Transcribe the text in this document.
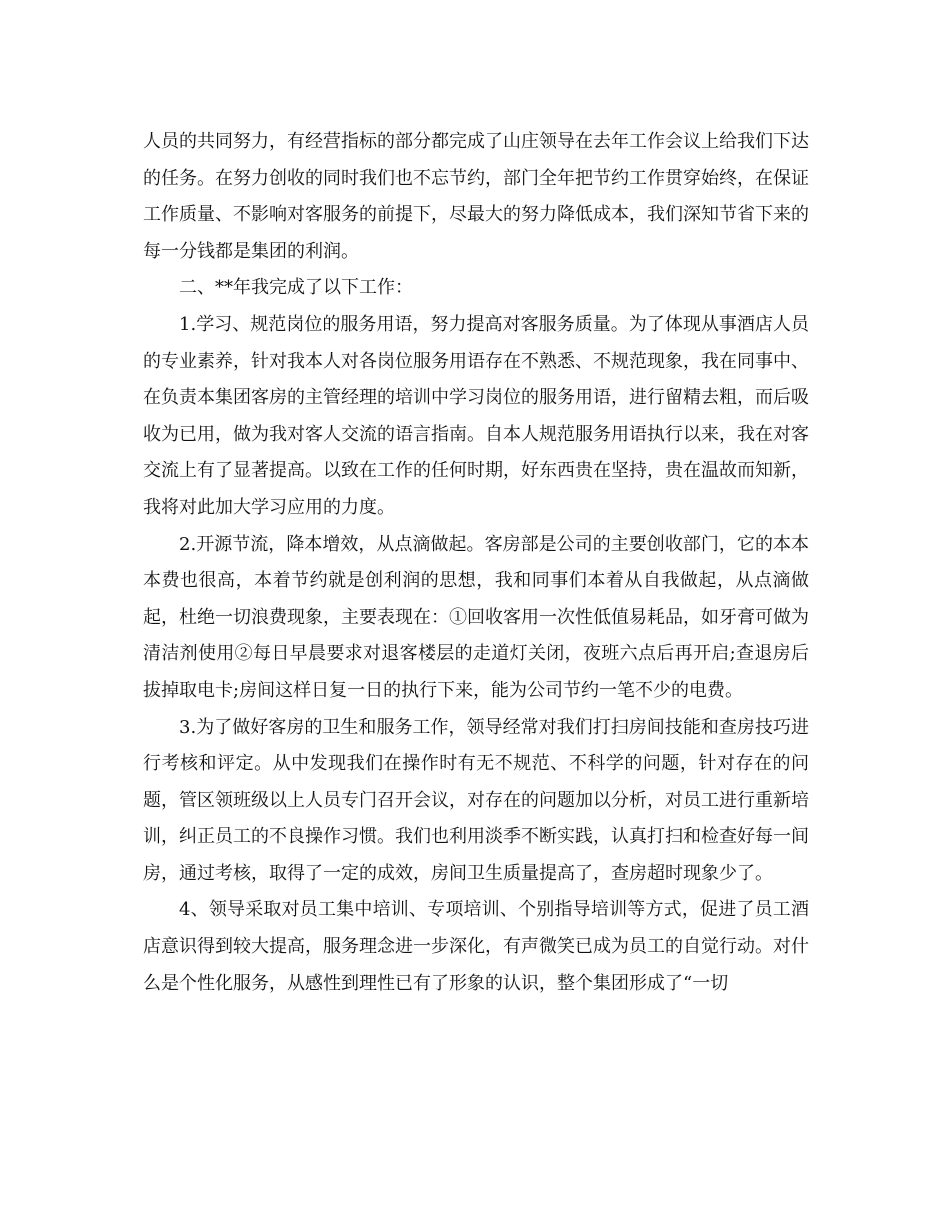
人员的共同努力，有经营指标的部分都完成了山庄领导在去年工作会议上给我们下达的任务。在努力创收的同时我们也不忘节约，部门全年把节约工作贯穿始终，在保证工作质量、不影响对客服务的前提下，尽最大的努力降低成本，我们深知节省下来的每一分钱都是集团的利润。

二、**年我完成了以下工作：

1.学习、规范岗位的服务用语，努力提高对客服务质量。为了体现从事酒店人员的专业素养，针对我本人对各岗位服务用语存在不熟悉、不规范现象，我在同事中、在负责本集团客房的主管经理的培训中学习岗位的服务用语，进行留精去粗，而后吸收为已用，做为我对客人交流的语言指南。自本人规范服务用语执行以来，我在对客交流上有了显著提高。以致在工作的任何时期，好东西贵在坚持，贵在温故而知新，我将对此加大学习应用的力度。

2.开源节流，降本增效，从点滴做起。客房部是公司的主要创收部门，它的本本本费也很高，本着节约就是创利润的思想，我和同事们本着从自我做起，从点滴做起，杜绝一切浪费现象，主要表现在：①回收客用一次性低值易耗品，如牙膏可做为清洁剂使用②每日早晨要求对退客楼层的走道灯关闭，夜班六点后再开启;查退房后拔掉取电卡;房间这样日复一日的执行下来，能为公司节约一笔不少的电费。

3.为了做好客房的卫生和服务工作，领导经常对我们打扫房间技能和查房技巧进行考核和评定。从中发现我们在操作时有无不规范、不科学的问题，针对存在的问题，管区领班级以上人员专门召开会议，对存在的问题加以分析，对员工进行重新培训，纠正员工的不良操作习惯。我们也利用淡季不断实践，认真打扫和检查好每一间房，通过考核，取得了一定的成效，房间卫生质量提高了，查房超时现象少了。

4、领导采取对员工集中培训、专项培训、个别指导培训等方式，促进了员工酒店意识得到较大提高，服务理念进一步深化，有声微笑已成为员工的自觉行动。对什么是个性化服务，从感性到理性已有了形象的认识，整个集团形成了“一切
